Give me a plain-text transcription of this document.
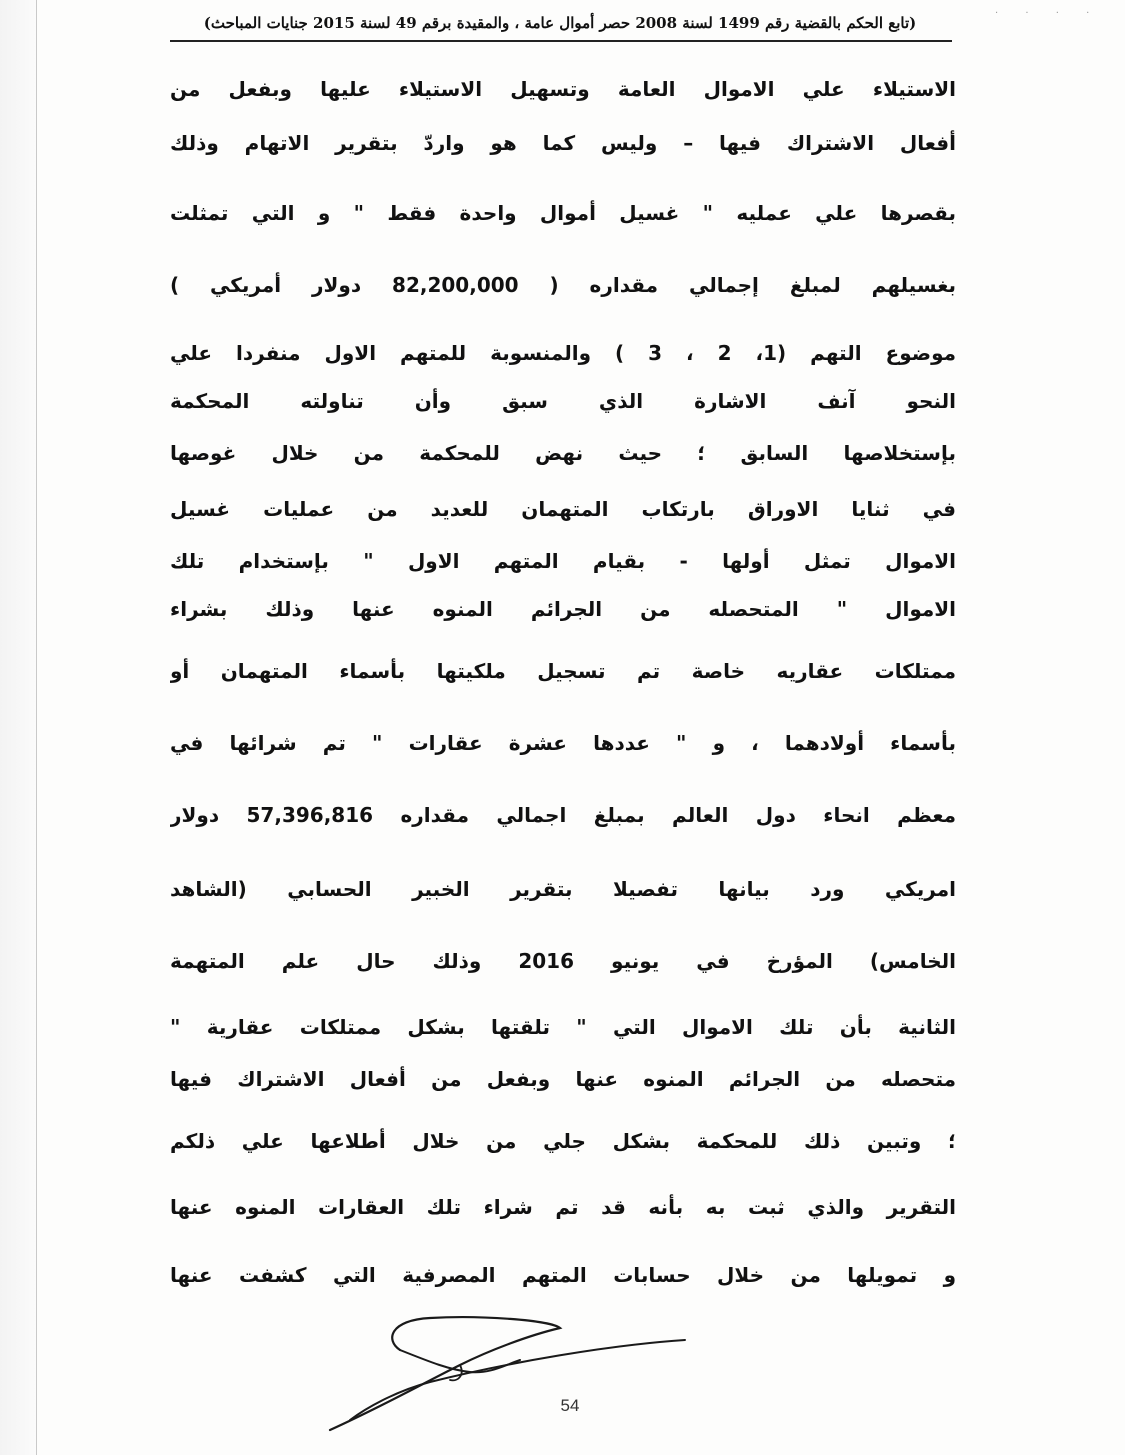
· · · ·
(تابع الحكم بالقضية رقم 1499 لسنة 2008 حصر أموال عامة ، والمقيدة برقم 49 لسنة 2015 جنايات المباحث)
الاستيلاء علي الاموال العامة وتسهيل الاستيلاء عليها وبفعل من
أفعال الاشتراك فيها – وليس كما هو واردّ بتقرير الاتهام وذلك
بقصرها علي عمليه " غسيل أموال واحدة فقط " و التي تمثلت
بغسيلهم لمبلغ إجمالي مقداره ( 82,200,000 دولار أمريكي )
موضوع التهم (1، 2 ، 3 ) والمنسوبة للمتهم الاول منفردا علي
النحو آنف الاشارة الذي سبق وأن تناولته المحكمة
بإستخلاصها السابق ؛ حيث نهض للمحكمة من خلال غوصها
في ثنايا الاوراق بارتكاب المتهمان للعديد من عمليات غسيل
الاموال تمثل أولها - بقيام المتهم الاول " بإستخدام تلك
الاموال " المتحصله من الجرائم المنوه عنها وذلك بشراء
ممتلكات عقاريه خاصة تم تسجيل ملكيتها بأسماء المتهمان أو
بأسماء أولادهما ، و " عددها عشرة عقارات " تم شرائها في
معظم انحاء دول العالم بمبلغ اجمالي مقداره 57,396,816 دولار
امريكي ورد بيانها تفصيلا بتقرير الخبير الحسابي (الشاهد
الخامس) المؤرخ في يونيو 2016 وذلك حال علم المتهمة
الثانية بأن تلك الاموال التي " تلقتها بشكل ممتلكات عقارية "
متحصله من الجرائم المنوه عنها وبفعل من أفعال الاشتراك فيها
؛ وتبين ذلك للمحكمة بشكل جلي من خلال أطلاعها علي ذلكم
التقرير والذي ثبت به بأنه قد تم شراء تلك العقارات المنوه عنها
و تمويلها من خلال حسابات المتهم المصرفية التي كشفت عنها
54
